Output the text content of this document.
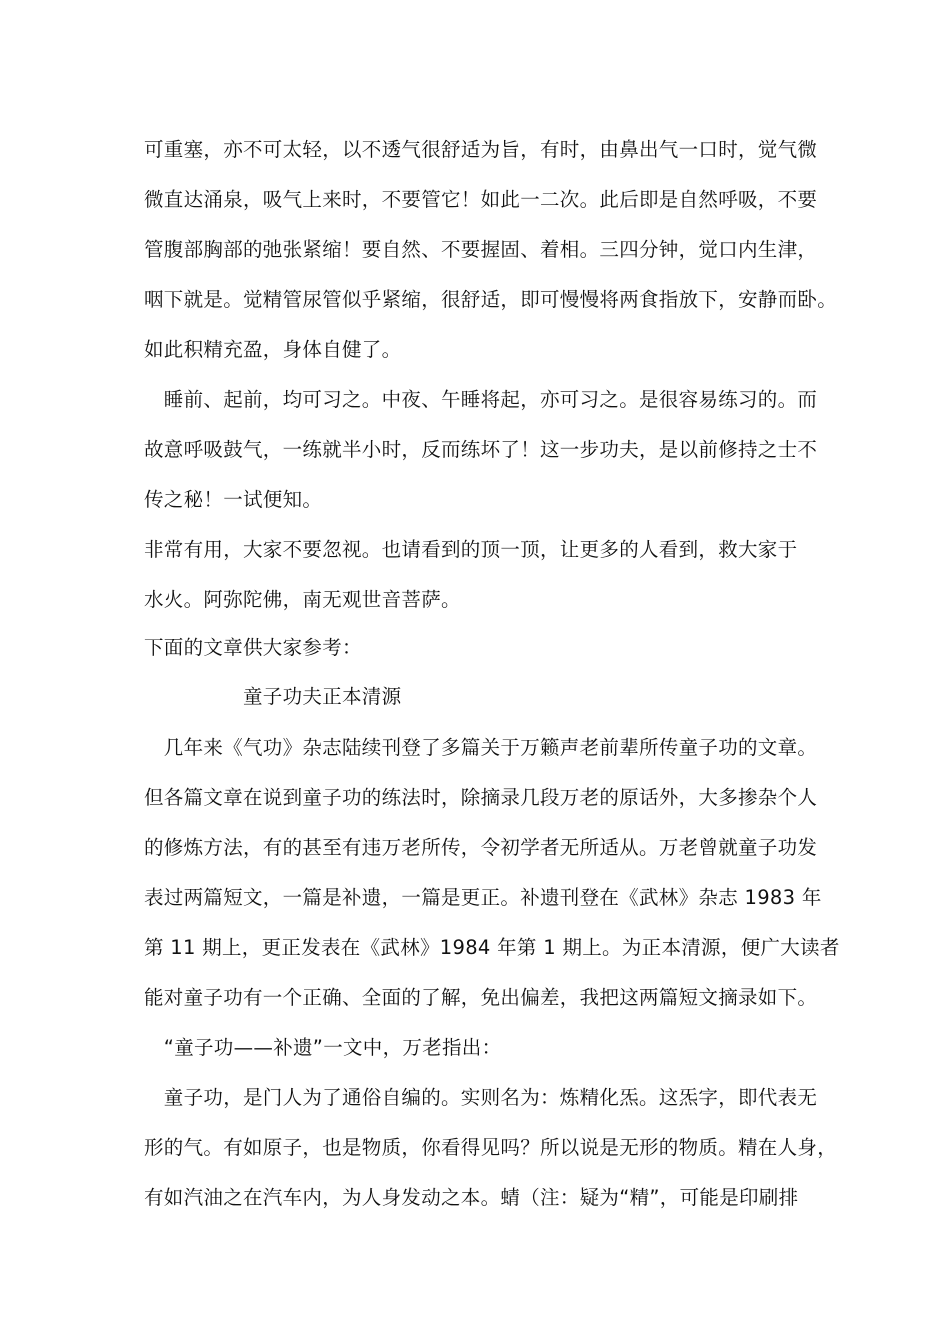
可重塞，亦不可太轻，以不透气很舒适为旨，有时，由鼻出气一口时，觉气微
微直达涌泉，吸气上来时，不要管它！如此一二次。此后即是自然呼吸，不要
管腹部胸部的弛张紧缩！要自然、不要握固、着相。三四分钟，觉口内生津，
咽下就是。觉精管尿管似乎紧缩，很舒适，即可慢慢将两食指放下，安静而卧。
如此积精充盈，身体自健了。
　睡前、起前，均可习之。中夜、午睡将起，亦可习之。是很容易练习的。而
故意呼吸鼓气，一练就半小时，反而练坏了！这一步功夫，是以前修持之士不
传之秘！一试便知。
非常有用，大家不要忽视。也请看到的顶一顶，让更多的人看到，救大家于
水火。阿弥陀佛，南无观世音菩萨。
下面的文章供大家参考：
　　　　　童子功夫正本清源
　几年来《气功》杂志陆续刊登了多篇关于万籁声老前辈所传童子功的文章。
但各篇文章在说到童子功的练法时，除摘录几段万老的原话外，大多掺杂个人
的修炼方法，有的甚至有违万老所传，令初学者无所适从。万老曾就童子功发
表过两篇短文，一篇是补遗，一篇是更正。补遗刊登在《武林》杂志 1983 年
第 11 期上，更正发表在《武林》1984 年第 1 期上。为正本清源，便广大读者
能对童子功有一个正确、全面的了解，免出偏差，我把这两篇短文摘录如下。
　“童子功——补遗”一文中，万老指出：
　童子功，是门人为了通俗自编的。实则名为：炼精化炁。这炁字，即代表无
形的气。有如原子，也是物质，你看得见吗？所以说是无形的物质。精在人身，
有如汽油之在汽车内，为人身发动之本。蜻（注：疑为“精”，可能是印刷排
